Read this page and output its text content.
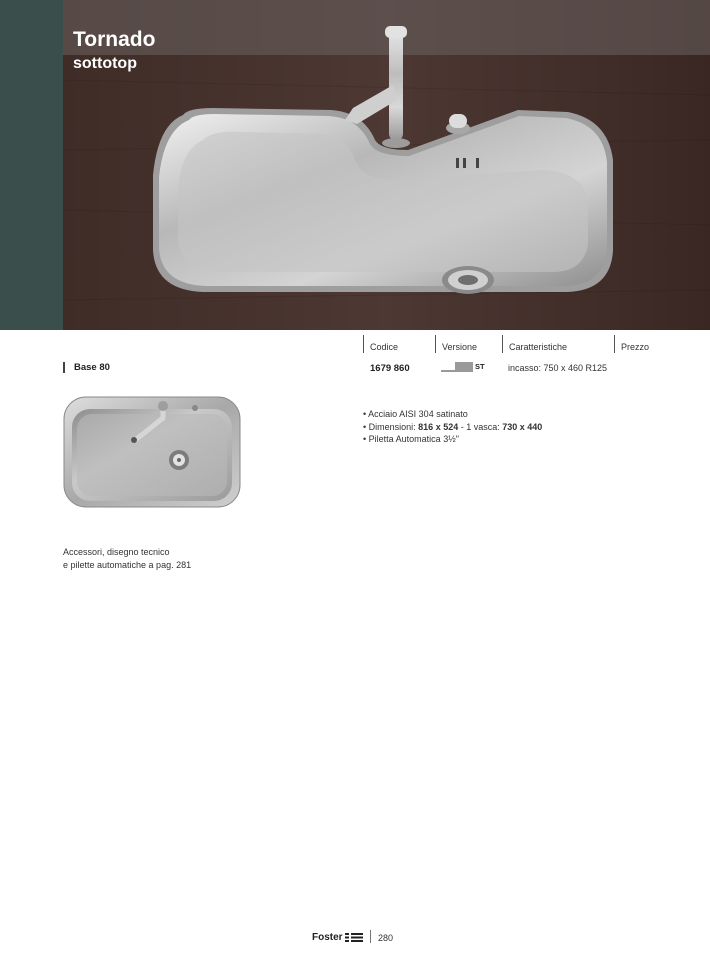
Tornado
sottotop
Codice	Versione	Caratteristiche	Prezzo
Base 80	1679 860	ST	incasso: 750 x 460 R125
• Acciaio AISI 304 satinato
• Dimensioni: 816 x 524 - 1 vasca: 730 x 440
• Piletta Automatica 3½"
Accessori, disegno tecnico
e pilette automatiche a pag. 281
Foster	280
